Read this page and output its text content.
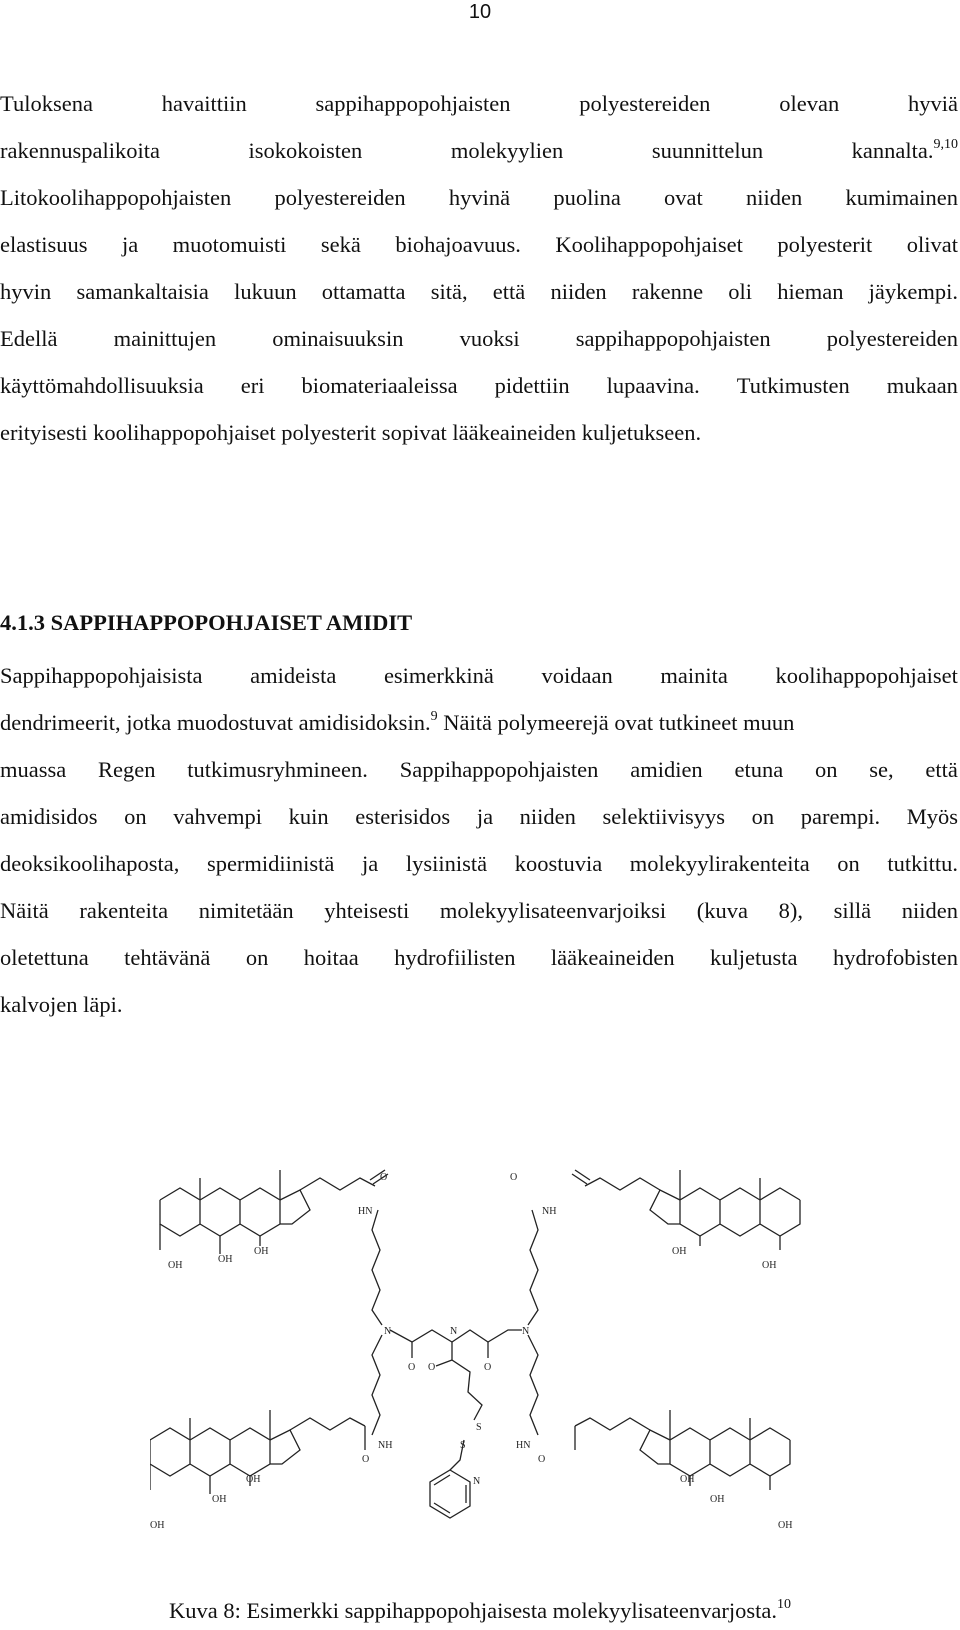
10
Tuloksena	havaittiin	sappihappopohjaisten	polyestereiden	olevan	hyviä
rakennuspalikoita	isokokoisten	molekyylien	suunnittelun	kannalta.$^{9,10}$
Litokoolihappopohjaisten polyestereiden hyvinä puolina ovat niiden kumimainen
elastisuus ja muotomuisti sekä biohajoavuus. Koolihappopohjaiset polyesterit olivat
hyvin samankaltaisia lukuun ottamatta sitä, että niiden rakenne oli hieman jäykempi.
Edellä mainittujen ominaisuuksin vuoksi sappihappopohjaisten polyestereiden
käyttömahdollisuuksia eri biomateriaaleissa pidettiin lupaavina. Tutkimusten mukaan
erityisesti koolihappopohjaiset polyesterit sopivat lääkeaineiden kuljetukseen.
4.1.3 SAPPIHAPPOPOHJAISET AMIDIT
Sappihappopohjaisista amideista esimerkkinä voidaan mainita koolihappopohjaiset
dendrimeerit, jotka muodostuvat amidisidoksin.$^9$ Näitä polymeerejä ovat tutkineet muun
muassa Regen tutkimusryhmineen. Sappihappopohjaisten amidien etuna on se, että
amidisidos on vahvempi kuin esterisidos ja niiden selektiivisyys on parempi. Myös
deoksikoolihaposta, spermidiinistä ja lysiinistä koostuvia molekyylirakenteita on tutkittu.
Näitä rakenteita nimitetään yhteisesti molekyylisateenvarjoiksi (kuva 8), sillä niiden
oletettuna tehtävänä on hoitaa hydrofiilisten lääkeaineiden kuljetusta hydrofobisten
kalvojen läpi.
OH
OH
OH
O
HN
O
NH
OH
OH
N	N	N
O	O
O
S
S
N
NH	HN
O	O
OH
OH
OH
OH
OH
OH
Kuva 8: Esimerkki sappihappopohjaisesta molekyylisateenvarjosta.$^{10}$
